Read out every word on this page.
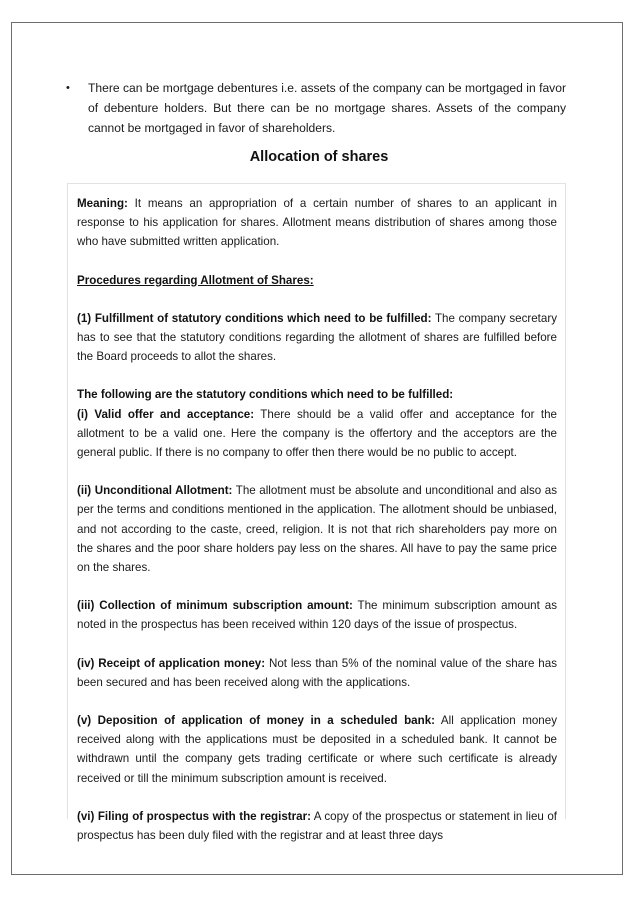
• There can be mortgage debentures i.e. assets of the company can be mortgaged in favor of debenture holders. But there can be no mortgage shares. Assets of the company cannot be mortgaged in favor of shareholders.
Allocation of shares

Meaning: It means an appropriation of a certain number of shares to an applicant in response to his application for shares. Allotment means distribution of shares among those who have submitted written application.

Procedures regarding Allotment of Shares:

(1) Fulfillment of statutory conditions which need to be fulfilled: The company secretary has to see that the statutory conditions regarding the allotment of shares are fulfilled before the Board proceeds to allot the shares.

The following are the statutory conditions which need to be fulfilled:

(i) Valid offer and acceptance: There should be a valid offer and acceptance for the allotment to be a valid one. Here the company is the offertory and the acceptors are the general public. If there is no company to offer then there would be no public to accept.

(ii) Unconditional Allotment: The allotment must be absolute and unconditional and also as per the terms and conditions mentioned in the application. The allotment should be unbiased, and not according to the caste, creed, religion. It is not that rich shareholders pay more on the shares and the poor share holders pay less on the shares. All have to pay the same price on the shares.

(iii) Collection of minimum subscription amount: The minimum subscription amount as noted in the prospectus has been received within 120 days of the issue of prospectus.

(iv) Receipt of application money: Not less than 5% of the nominal value of the share has been secured and has been received along with the applications.

(v) Deposition of application of money in a scheduled bank: All application money received along with the applications must be deposited in a scheduled bank. It cannot be withdrawn until the company gets trading certificate or where such certificate is already received or till the minimum subscription amount is received.

(vi) Filing of prospectus with the registrar: A copy of the prospectus or statement in lieu of prospectus has been duly filed with the registrar and at least three days
